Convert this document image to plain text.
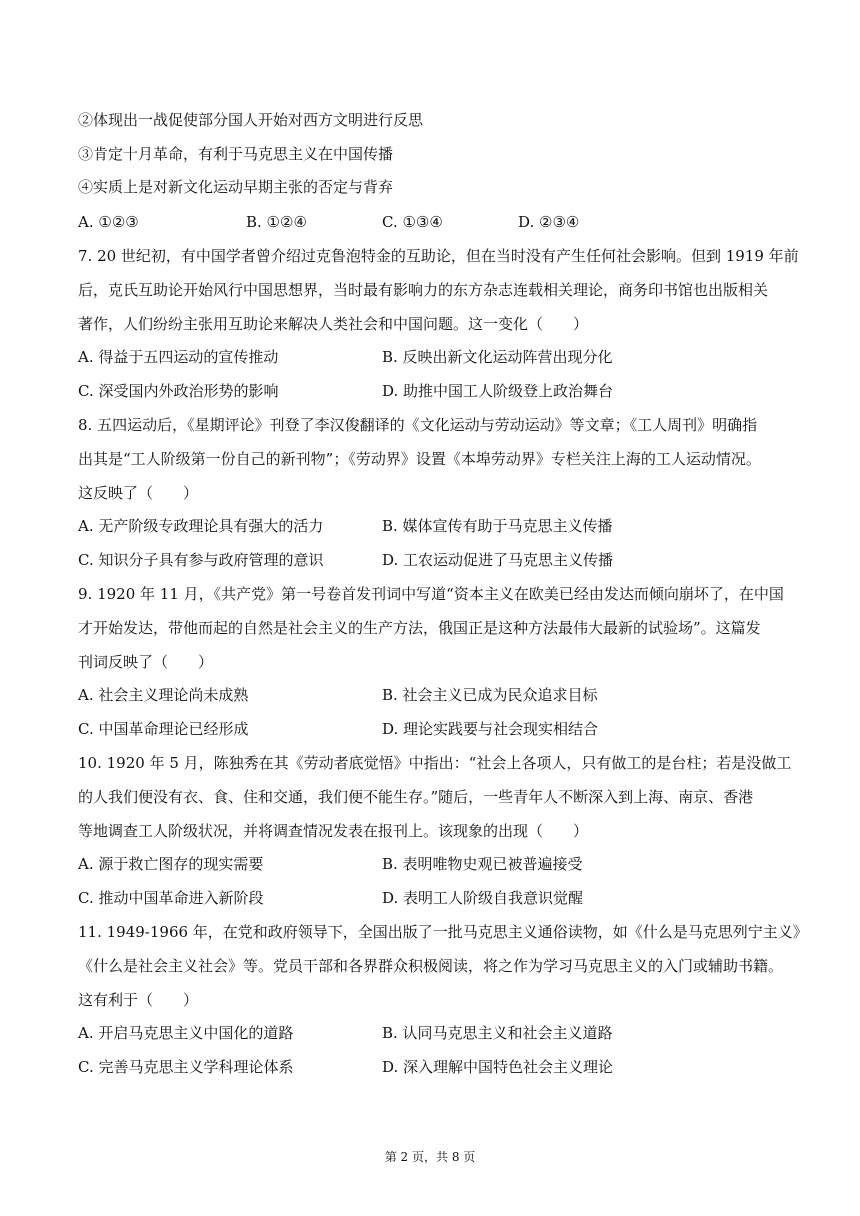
②体现出一战促使部分国人开始对西方文明进行反思
③肯定十月革命，有利于马克思主义在中国传播
④实质上是对新文化运动早期主张的否定与背弃
A. ①②③	B. ①②④	C. ①③④	D. ②③④
7. 20 世纪初，有中国学者曾介绍过克鲁泡特金的互助论，但在当时没有产生任何社会影响。但到 1919 年前
后，克氏互助论开始风行中国思想界，当时最有影响力的东方杂志连载相关理论，商务印书馆也出版相关
著作，人们纷纷主张用互助论来解决人类社会和中国问题。这一变化（　　）
A. 得益于五四运动的宣传推动	B. 反映出新文化运动阵营出现分化
C. 深受国内外政治形势的影响	D. 助推中国工人阶级登上政治舞台
8. 五四运动后，《星期评论》刊登了李汉俊翻译的《文化运动与劳动运动》等文章；《工人周刊》明确指
出其是“工人阶级第一份自己的新刊物”；《劳动界》设置《本埠劳动界》专栏关注上海的工人运动情况。
这反映了（　　）
A. 无产阶级专政理论具有强大的活力	B. 媒体宣传有助于马克思主义传播
C. 知识分子具有参与政府管理的意识	D. 工农运动促进了马克思主义传播
9. 1920 年 11 月，《共产党》第一号卷首发刊词中写道“资本主义在欧美已经由发达而倾向崩坏了，在中国
才开始发达，带他而起的自然是社会主义的生产方法，俄国正是这种方法最伟大最新的试验场”。这篇发
刊词反映了（　　）
A. 社会主义理论尚未成熟	B. 社会主义已成为民众追求目标
C. 中国革命理论已经形成	D. 理论实践要与社会现实相结合
10. 1920 年 5 月，陈独秀在其《劳动者底觉悟》中指出：“社会上各项人，只有做工的是台柱；若是没做工
的人我们便没有衣、食、住和交通，我们便不能生存。”随后，一些青年人不断深入到上海、南京、香港
等地调查工人阶级状况，并将调查情况发表在报刊上。该现象的出现（　　）
A. 源于救亡图存的现实需要	B. 表明唯物史观已被普遍接受
C. 推动中国革命进入新阶段	D. 表明工人阶级自我意识觉醒
11. 1949-1966 年，在党和政府领导下，全国出版了一批马克思主义通俗读物，如《什么是马克思列宁主义》
《什么是社会主义社会》等。党员干部和各界群众积极阅读，将之作为学习马克思主义的入门或辅助书籍。
这有利于（　　）
A. 开启马克思主义中国化的道路	B. 认同马克思主义和社会主义道路
C. 完善马克思主义学科理论体系	D. 深入理解中国特色社会主义理论
第 2 页，共 8 页
